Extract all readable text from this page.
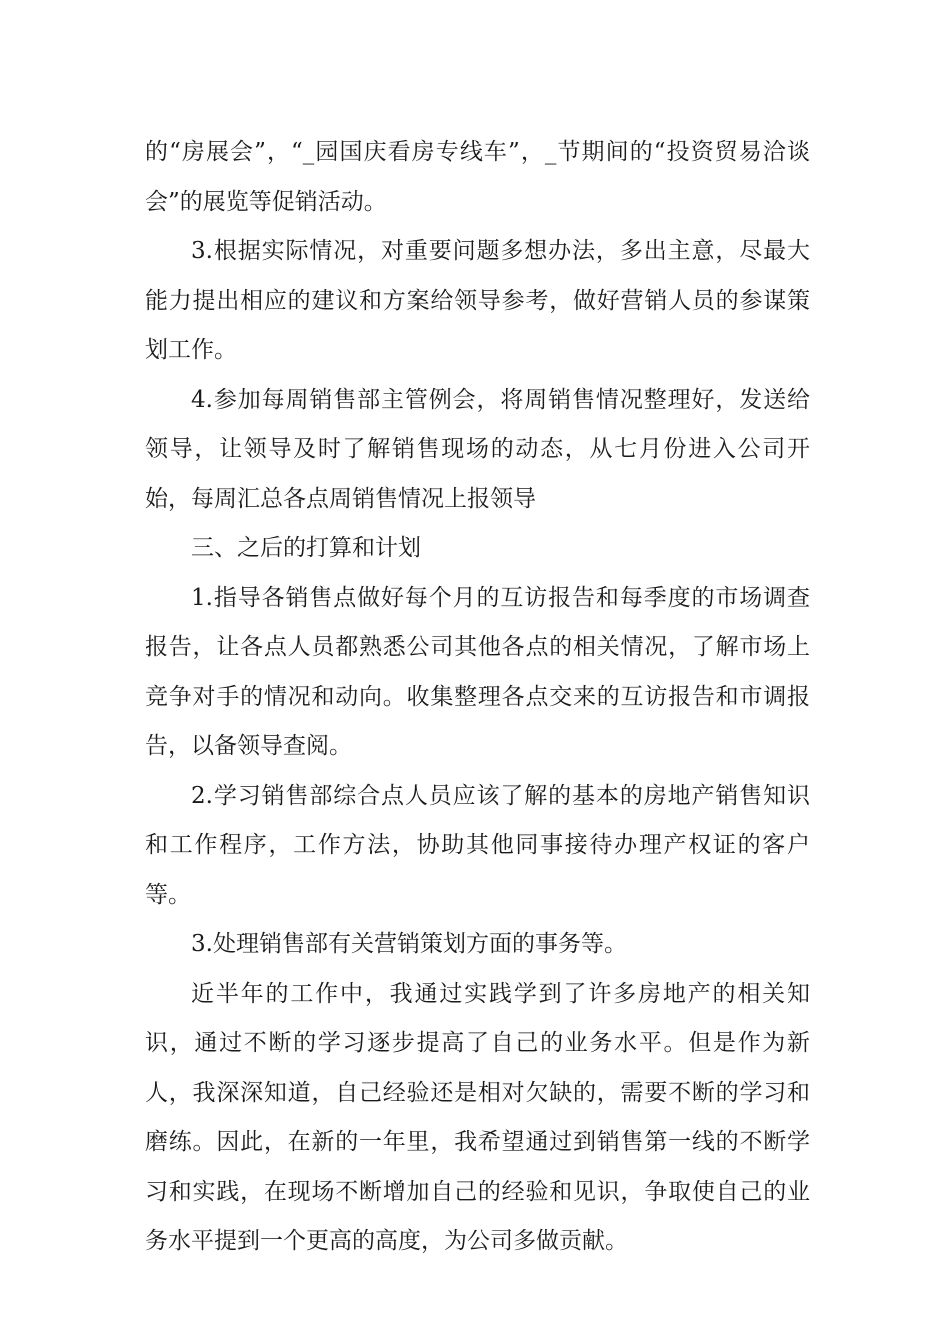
的“房展会”，“_园国庆看房专线车”，_节期间的“投资贸易洽谈会”的展览等促销活动。

3.根据实际情况，对重要问题多想办法，多出主意，尽最大能力提出相应的建议和方案给领导参考，做好营销人员的参谋策划工作。

4.参加每周销售部主管例会，将周销售情况整理好，发送给领导，让领导及时了解销售现场的动态，从七月份进入公司开始，每周汇总各点周销售情况上报领导

三、之后的打算和计划

1.指导各销售点做好每个月的互访报告和每季度的市场调查报告，让各点人员都熟悉公司其他各点的相关情况，了解市场上竞争对手的情况和动向。收集整理各点交来的互访报告和市调报告，以备领导查阅。

2.学习销售部综合点人员应该了解的基本的房地产销售知识和工作程序，工作方法，协助其他同事接待办理产权证的客户等。

3.处理销售部有关营销策划方面的事务等。

近半年的工作中，我通过实践学到了许多房地产的相关知识，通过不断的学习逐步提高了自己的业务水平。但是作为新人，我深深知道，自己经验还是相对欠缺的，需要不断的学习和磨练。因此，在新的一年里，我希望通过到销售第一线的不断学习和实践，在现场不断增加自己的经验和见识，争取使自己的业务水平提到一个更高的高度，为公司多做贡献。
